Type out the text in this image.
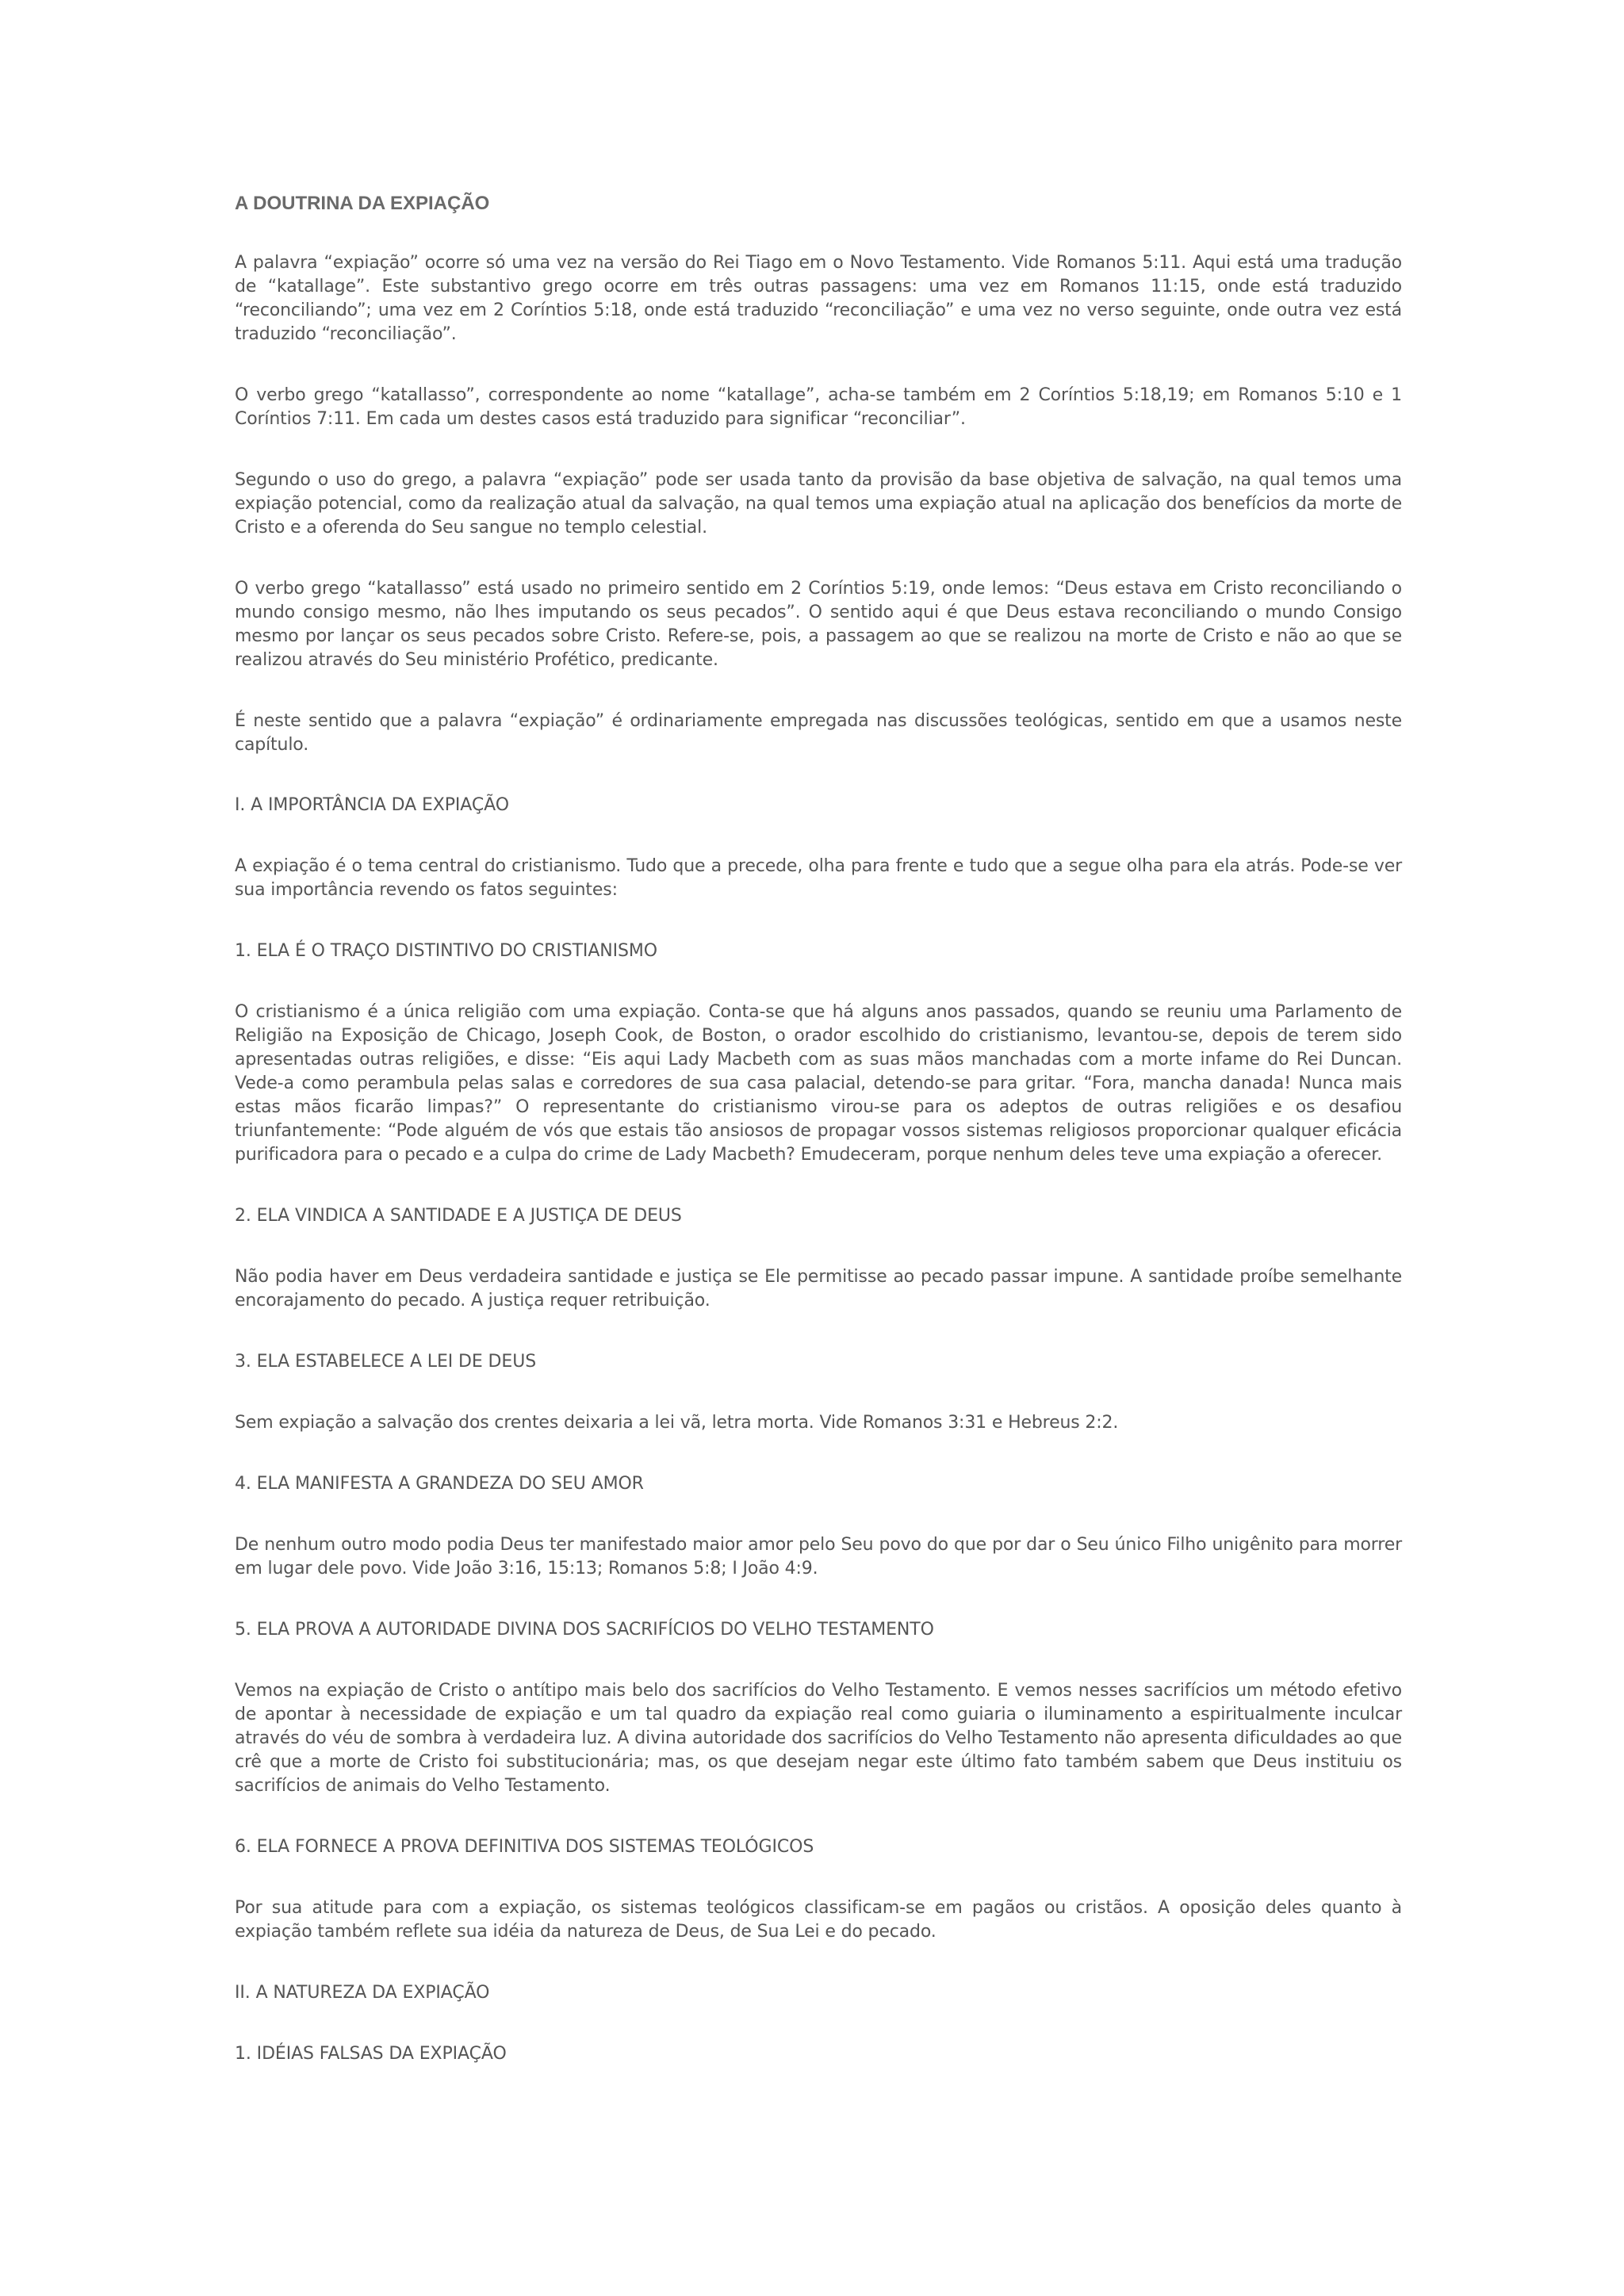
A DOUTRINA DA EXPIAÇÃO

A palavra “expiação” ocorre só uma vez na versão do Rei Tiago em o Novo Testamento. Vide Romanos 5:11. Aqui está uma tradução de “katallage”. Este substantivo grego ocorre em três outras passagens: uma vez em Romanos 11:15, onde está traduzido “reconciliando”; uma vez em 2 Coríntios 5:18, onde está traduzido “reconciliação” e uma vez no verso seguinte, onde outra vez está traduzido “reconciliação”.

O verbo grego “katallasso”, correspondente ao nome “katallage”, acha-se também em 2 Coríntios 5:18,19; em Romanos 5:10 e 1 Coríntios 7:11. Em cada um destes casos está traduzido para significar “reconciliar”.

Segundo o uso do grego, a palavra “expiação” pode ser usada tanto da provisão da base objetiva de salvação, na qual temos uma expiação potencial, como da realização atual da salvação, na qual temos uma expiação atual na aplicação dos benefícios da morte de Cristo e a oferenda do Seu sangue no templo celestial.

O verbo grego “katallasso” está usado no primeiro sentido em 2 Coríntios 5:19, onde lemos: “Deus estava em Cristo reconciliando o mundo consigo mesmo, não lhes imputando os seus pecados”. O sentido aqui é que Deus estava reconciliando o mundo Consigo mesmo por lançar os seus pecados sobre Cristo. Refere-se, pois, a passagem ao que se realizou na morte de Cristo e não ao que se realizou através do Seu ministério Profético, predicante.

É neste sentido que a palavra “expiação” é ordinariamente empregada nas discussões teológicas, sentido em que a usamos neste capítulo.

I. A IMPORTÂNCIA DA EXPIAÇÃO

A expiação é o tema central do cristianismo. Tudo que a precede, olha para frente e tudo que a segue olha para ela atrás. Pode-se ver sua importância revendo os fatos seguintes:

1. ELA É O TRAÇO DISTINTIVO DO CRISTIANISMO

O cristianismo é a única religião com uma expiação. Conta-se que há alguns anos passados, quando se reuniu uma Parlamento de Religião na Exposição de Chicago, Joseph Cook, de Boston, o orador escolhido do cristianismo, levantou-se, depois de terem sido apresentadas outras religiões, e disse: “Eis aqui Lady Macbeth com as suas mãos manchadas com a morte infame do Rei Duncan. Vede-a como perambula pelas salas e corredores de sua casa palacial, detendo-se para gritar. “Fora, mancha danada! Nunca mais estas mãos ficarão limpas?” O representante do cristianismo virou-se para os adeptos de outras religiões e os desafiou triunfantemente: “Pode alguém de vós que estais tão ansiosos de propagar vossos sistemas religiosos proporcionar qualquer eficácia purificadora para o pecado e a culpa do crime de Lady Macbeth? Emudeceram, porque nenhum deles teve uma expiação a oferecer.

2. ELA VINDICA A SANTIDADE E A JUSTIÇA DE DEUS

Não podia haver em Deus verdadeira santidade e justiça se Ele permitisse ao pecado passar impune. A santidade proíbe semelhante encorajamento do pecado. A justiça requer retribuição.

3. ELA ESTABELECE A LEI DE DEUS

Sem expiação a salvação dos crentes deixaria a lei vã, letra morta. Vide Romanos 3:31 e Hebreus 2:2.

4. ELA MANIFESTA A GRANDEZA DO SEU AMOR

De nenhum outro modo podia Deus ter manifestado maior amor pelo Seu povo do que por dar o Seu único Filho unigênito para morrer em lugar dele povo. Vide João 3:16, 15:13; Romanos 5:8; I João 4:9.

5. ELA PROVA A AUTORIDADE DIVINA DOS SACRIFÍCIOS DO VELHO TESTAMENTO

Vemos na expiação de Cristo o antítipo mais belo dos sacrifícios do Velho Testamento. E vemos nesses sacrifícios um método efetivo de apontar à necessidade de expiação e um tal quadro da expiação real como guiaria o iluminamento a espiritualmente inculcar através do véu de sombra à verdadeira luz. A divina autoridade dos sacrifícios do Velho Testamento não apresenta dificuldades ao que crê que a morte de Cristo foi substitucionária; mas, os que desejam negar este último fato também sabem que Deus instituiu os sacrifícios de animais do Velho Testamento.

6. ELA FORNECE A PROVA DEFINITIVA DOS SISTEMAS TEOLÓGICOS

Por sua atitude para com a expiação, os sistemas teológicos classificam-se em pagãos ou cristãos. A oposição deles quanto à expiação também reflete sua idéia da natureza de Deus, de Sua Lei e do pecado.

II. A NATUREZA DA EXPIAÇÃO
1. IDÉIAS FALSAS DA EXPIAÇÃO
